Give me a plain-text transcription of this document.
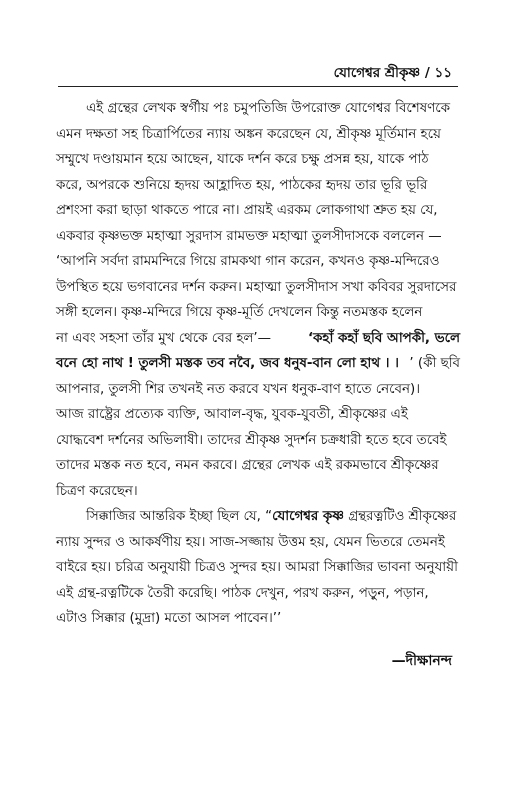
যোগেশ্বর শ্রীকৃষ্ণ / ১১
এই গ্রন্থের লেখক স্বর্গীয় পঃ চমুপতিজি উপরোক্ত যোগেশ্বর বিশেষণকে
এমন দক্ষতা সহ চিত্রার্পিতের ন্যায় অঙ্কন করেছেন যে, শ্রীকৃষ্ণ মূর্তিমান হয়ে
সম্মুখে দণ্ডায়মান হয়ে আছেন, যাকে দর্শন করে চক্ষু প্রসন্ন হয়, যাকে পাঠ
করে, অপরকে শুনিয়ে হৃদয় আহ্লাদিত হয়, পাঠকের হৃদয় তার ভূরি ভূরি
প্রশংসা করা ছাড়া থাকতে পারে না। প্রায়ই এরকম লোকগাথা শ্রুত হয় যে,
একবার কৃষ্ণভক্ত মহাত্মা সুরদাস রামভক্ত মহাত্মা তুলসীদাসকে বললেন —
‘আপনি সর্বদা রামমন্দিরে গিয়ে রামকথা গান করেন, কখনও কৃষ্ণ-মন্দিরেও
উপস্থিত হয়ে ভগবানের দর্শন করুন। মহাত্মা তুলসীদাস সখা কবিবর সুরদাসের
সঙ্গী হলেন। কৃষ্ণ-মন্দিরে গিয়ে কৃষ্ণ-মূর্তি দেখলেন কিন্তু নতমস্তক হলেন
না এবং সহসা তাঁর মুখ থেকে বের হল’—	‘কহাঁ কহাঁ ছবি আপকী, ভলে
বনে হো নাথ ! তুলসী মস্তক তব নবৈ, জব ধনুষ-বান লো হাথ । । ’ (কী ছবি
আপনার, তুলসী শির তখনই নত করবে যখন ধনুক-বাণ হাতে নেবেন)।
আজ রাষ্ট্রের প্রত্যেক ব্যক্তি, আবাল-বৃদ্ধ, যুবক-যুবতী, শ্রীকৃষ্ণের এই
যোদ্ধবেশ দর্শনের অভিলাষী। তাদের শ্রীকৃষ্ণ সুদর্শন চক্রধারী হতে হবে তবেই
তাদের মস্তক নত হবে, নমন করবে। গ্রন্থের লেখক এই রকমভাবে শ্রীকৃষ্ণের
চিত্রণ করেছেন।
সিক্কাজির আন্তরিক ইচ্ছা ছিল যে, “যোগেশ্বর কৃষ্ণ গ্রন্থরত্নটিও শ্রীকৃষ্ণের
ন্যায় সুন্দর ও আকর্ষণীয় হয়। সাজ-সজ্জায় উত্তম হয়, যেমন ভিতরে তেমনই
বাইরে হয়। চরিত্র অনুযায়ী চিত্রও সুন্দর হয়। আমরা সিক্কাজির ভাবনা অনুযায়ী
এই গ্রন্থ-রত্নটিকে তৈরী করেছি। পাঠক দেখুন, পরখ করুন, পড়ুন, পড়ান,
এটাও সিক্কার (মুদ্রা) মতো আসল পাবেন।’’
—দীক্ষানন্দ
